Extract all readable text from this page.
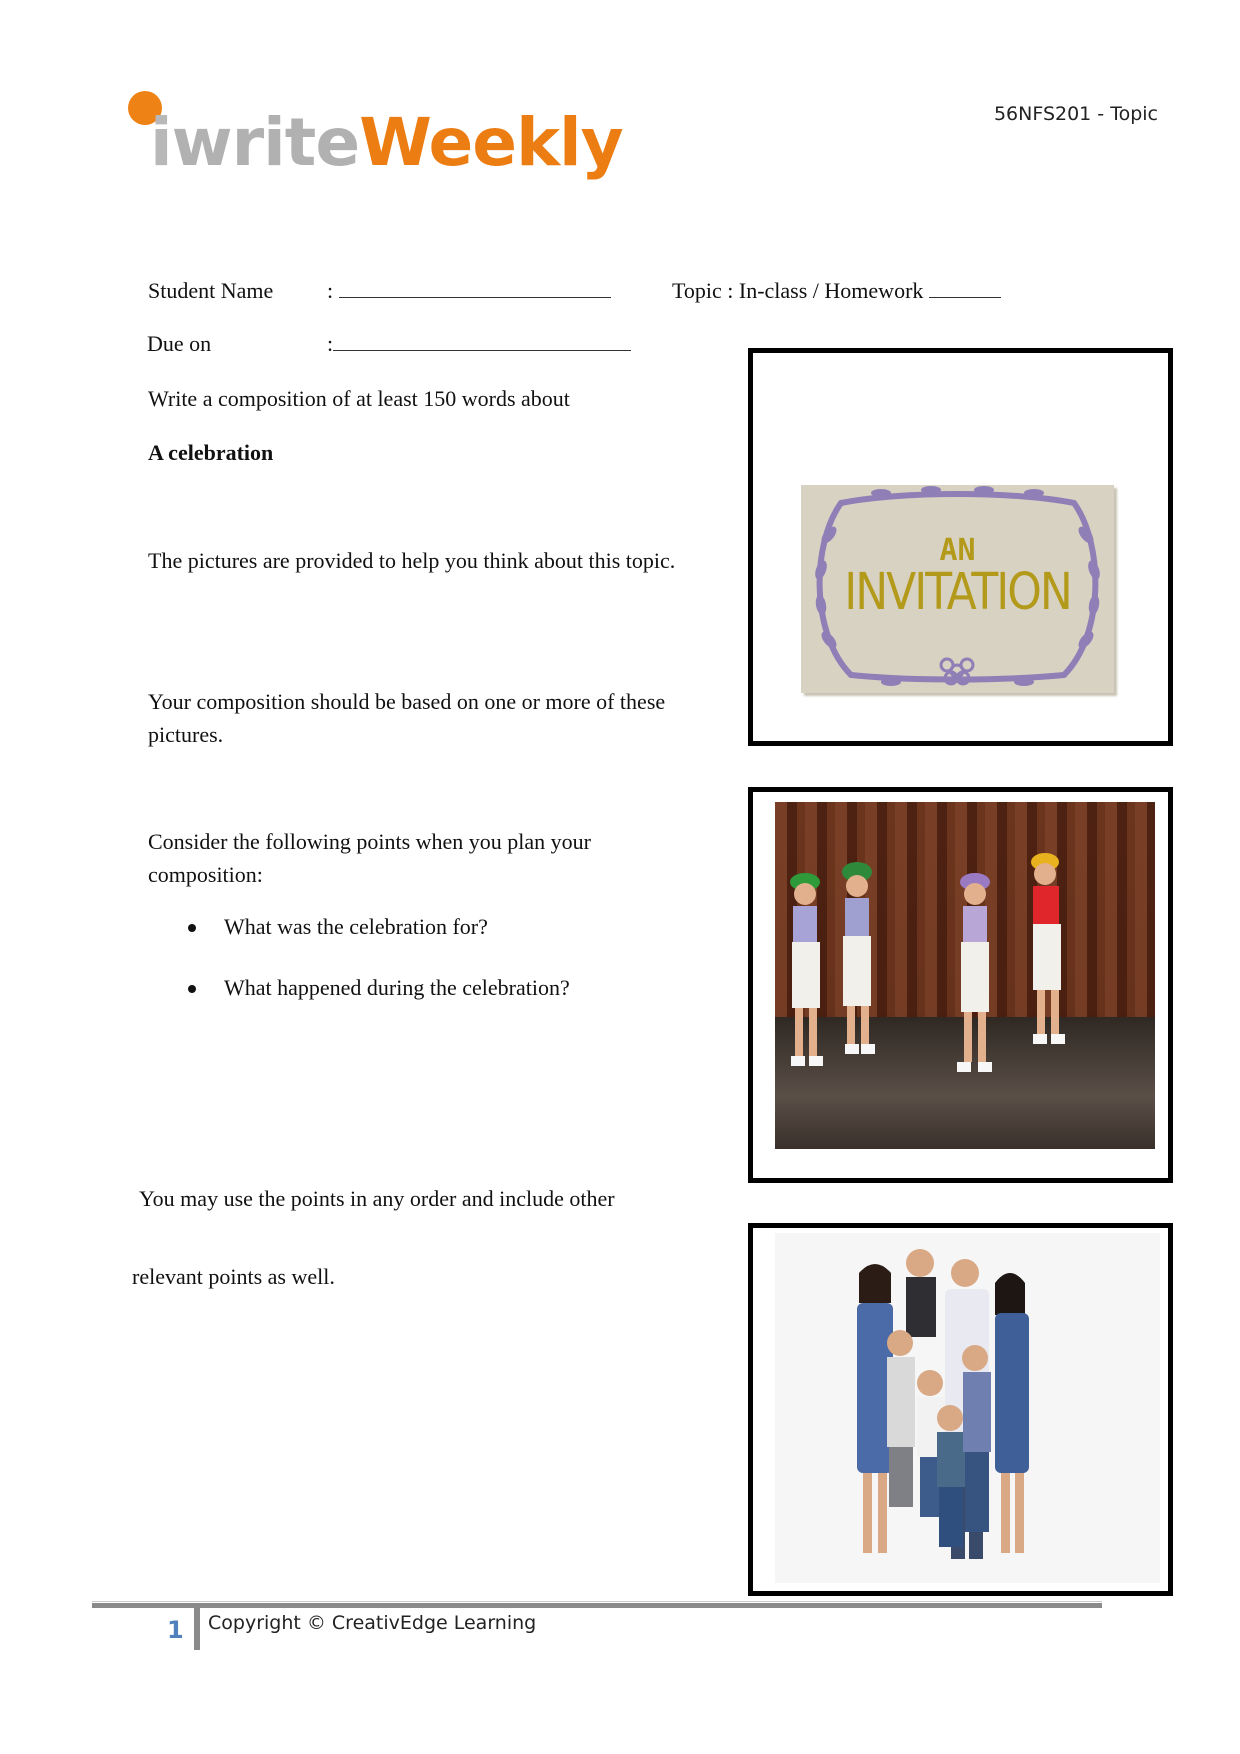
iwriteWeekly	56NFS201 - Topic
Student Name :	Topic : In-class / Homework
Due on	:
Write a composition of at least 150 words about
A celebration
The pictures are provided to help you think about this topic.
Your composition should be based on one or more of these pictures.
Consider the following points when you plan your composition:
What was the celebration for?
What happened during the celebration?
You may use the points in any order and include other
relevant points as well.
AN
INVITATION
1 Copyright © CreativEdge Learning
